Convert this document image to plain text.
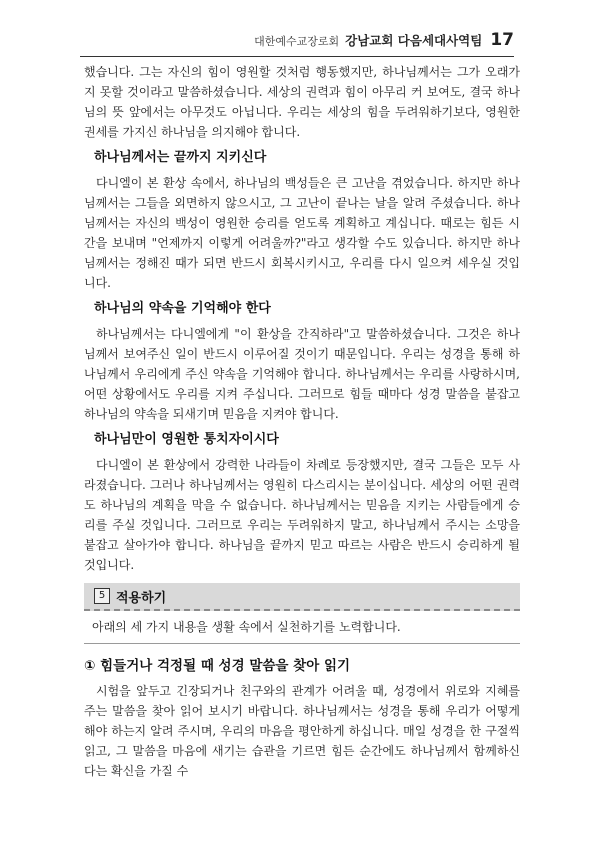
대한예수교장로회 강남교회 다음세대사역팀 17

했습니다. 그는 자신의 힘이 영원할 것처럼 행동했지만, 하나님께서는 그가 오래가지 못할 것이라고 말씀하셨습니다. 세상의 권력과 힘이 아무리 커 보여도, 결국 하나님의 뜻 앞에서는 아무것도 아닙니다. 우리는 세상의 힘을 두려워하기보다, 영원한 권세를 가지신 하나님을 의지해야 합니다.

하나님께서는 끝까지 지키신다

다니엘이 본 환상 속에서, 하나님의 백성들은 큰 고난을 겪었습니다. 하지만 하나님께서는 그들을 외면하지 않으시고, 그 고난이 끝나는 날을 알려 주셨습니다. 하나님께서는 자신의 백성이 영원한 승리를 얻도록 계획하고 계십니다. 때로는 힘든 시간을 보내며 "언제까지 이렇게 어려울까?"라고 생각할 수도 있습니다. 하지만 하나님께서는 정해진 때가 되면 반드시 회복시키시고, 우리를 다시 일으켜 세우실 것입니다.

하나님의 약속을 기억해야 한다

하나님께서는 다니엘에게 "이 환상을 간직하라"고 말씀하셨습니다. 그것은 하나님께서 보여주신 일이 반드시 이루어질 것이기 때문입니다. 우리는 성경을 통해 하나님께서 우리에게 주신 약속을 기억해야 합니다. 하나님께서는 우리를 사랑하시며, 어떤 상황에서도 우리를 지켜 주십니다. 그러므로 힘들 때마다 성경 말씀을 붙잡고 하나님의 약속을 되새기며 믿음을 지켜야 합니다.

하나님만이 영원한 통치자이시다

다니엘이 본 환상에서 강력한 나라들이 차례로 등장했지만, 결국 그들은 모두 사라졌습니다. 그러나 하나님께서는 영원히 다스리시는 분이십니다. 세상의 어떤 권력도 하나님의 계획을 막을 수 없습니다. 하나님께서는 믿음을 지키는 사람들에게 승리를 주실 것입니다. 그러므로 우리는 두려워하지 말고, 하나님께서 주시는 소망을 붙잡고 살아가야 합니다. 하나님을 끝까지 믿고 따르는 사람은 반드시 승리하게 될 것입니다.

5 적용하기

아래의 세 가지 내용을 생활 속에서 실천하기를 노력합니다.

① 힘들거나 걱정될 때 성경 말씀을 찾아 읽기

시험을 앞두고 긴장되거나 친구와의 관계가 어려울 때, 성경에서 위로와 지혜를 주는 말씀을 찾아 읽어 보시기 바랍니다. 하나님께서는 성경을 통해 우리가 어떻게 해야 하는지 알려 주시며, 우리의 마음을 평안하게 하십니다. 매일 성경을 한 구절씩 읽고, 그 말씀을 마음에 새기는 습관을 기르면 힘든 순간에도 하나님께서 함께하신다는 확신을 가질 수
